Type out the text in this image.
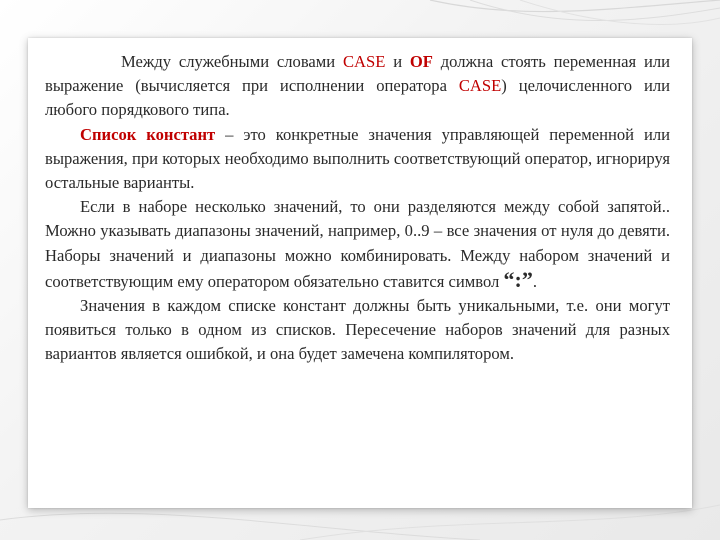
Между служебными словами CASE и OF должна стоять переменная или выражение (вычисляется при исполнении оператора CASE) целочисленного или любого порядкового типа.

Список констант – это конкретные значения управляющей переменной или выражения, при которых необходимо выполнить соответствующий оператор, игнорируя остальные варианты.

Если в наборе несколько значений, то они разделяются между собой запятой.. Можно указывать диапазоны значений, например, 0..9 – все значения от нуля до девяти. Наборы значений и диапазоны можно комбинировать. Между набором значений и соответствующим ему оператором обязательно ставится символ “:”.

Значения в каждом списке констант должны быть уникальными, т.е. они могут появиться только в одном из списков. Пересечение наборов значений для разных вариантов является ошибкой, и она будет замечена компилятором.
